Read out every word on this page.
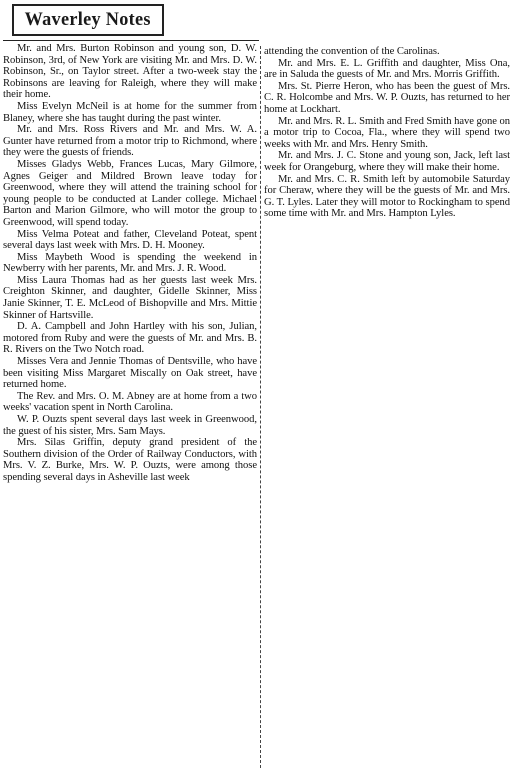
Waverley Notes

Mr. and Mrs. Burton Robinson and young son, D. W. Robinson, 3rd, of New York are visiting Mr. and Mrs. D. W. Robinson, Sr., on Taylor street. After a two-week stay the Robinsons are leaving for Raleigh, where they will make their home.

Miss Evelyn McNeil is at home for the summer from Blaney, where she has taught during the past winter.

Mr. and Mrs. Ross Rivers and Mr. and Mrs. W. A. Gunter have returned from a motor trip to Richmond, where they were the guests of friends.

Misses Gladys Webb, Frances Lucas, Mary Gilmore, Agnes Geiger and Mildred Brown leave today for Greenwood, where they will attend the training school for young people to be conducted at Lander college. Michael Barton and Marion Gilmore, who will motor the group to Greenwood, will spend today.

Miss Velma Poteat and father, Cleveland Poteat, spent several days last week with Mrs. D. H. Mooney.

Miss Maybeth Wood is spending the weekend in Newberry with her parents, Mr. and Mrs. J. R. Wood.

Miss Laura Thomas had as her guests last week Mrs. Creighton Skinner, and daughter, Gidelle Skinner, Miss Janie Skinner, T. E. McLeod of Bishopville and Mrs. Mittie Skinner of Hartsville.

D. A. Campbell and John Hartley with his son, Julian, motored from Ruby and were the guests of Mr. and Mrs. B. R. Rivers on the Two Notch road.

Misses Vera and Jennie Thomas of Dentsville, who have been visiting Miss Margaret Miscally on Oak street, have returned home.

The Rev. and Mrs. O. M. Abney are at home from a two weeks' vacation spent in North Carolina.

W. P. Ouzts spent several days last week in Greenwood, the guest of his sister, Mrs. Sam Mays.

Mrs. Silas Griffin, deputy grand president of the Southern division of the Order of Railway Conductors, with Mrs. V. Z. Burke, Mrs. W. P. Ouzts, were among those spending several days in Asheville last week

attending the convention of the Carolinas.

Mr. and Mrs. E. L. Griffith and daughter, Miss Ona, are in Saluda the guests of Mr. and Mrs. Morris Griffith.

Mrs. St. Pierre Heron, who has been the guest of Mrs. C. R. Holcombe and Mrs. W. P. Ouzts, has returned to her home at Lockhart.

Mr. and Mrs. R. L. Smith and Fred Smith have gone on a motor trip to Cocoa, Fla., where they will spend two weeks with Mr. and Mrs. Henry Smith.

Mr. and Mrs. J. C. Stone and young son, Jack, left last week for Orangeburg, where they will make their home.

Mr. and Mrs. C. R. Smith left by automobile Saturday for Cheraw, where they will be the guests of Mr. and Mrs. G. T. Lyles. Later they will motor to Rockingham to spend some time with Mr. and Mrs. Hampton Lyles.
